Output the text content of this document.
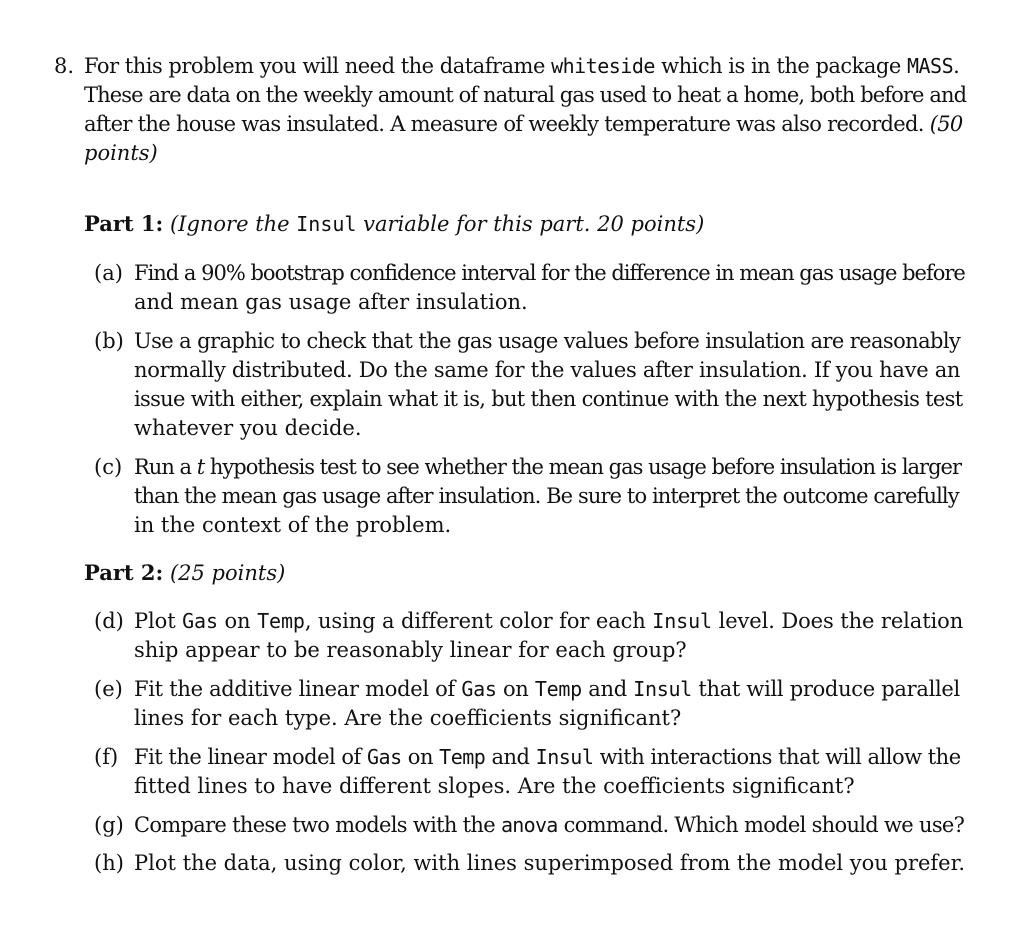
8. For this problem you will need the dataframe whiteside which is in the package MASS.
These are data on the weekly amount of natural gas used to heat a home, both before and
after the house was insulated. A measure of weekly temperature was also recorded. (50
points)
Part 1: (Ignore the Insul variable for this part. 20 points)
(a) Find a 90% bootstrap confidence interval for the difference in mean gas usage before
and mean gas usage after insulation.
(b) Use a graphic to check that the gas usage values before insulation are reasonably
normally distributed. Do the same for the values after insulation. If you have an
issue with either, explain what it is, but then continue with the next hypothesis test
whatever you decide.
(c) Run a t hypothesis test to see whether the mean gas usage before insulation is larger
than the mean gas usage after insulation. Be sure to interpret the outcome carefully
in the context of the problem.
Part 2: (25 points)
(d) Plot Gas on Temp, using a different color for each Insul level. Does the relation
ship appear to be reasonably linear for each group?
(e) Fit the additive linear model of Gas on Temp and Insul that will produce parallel
lines for each type. Are the coefficients significant?
(f) Fit the linear model of Gas on Temp and Insul with interactions that will allow the
fitted lines to have different slopes. Are the coefficients significant?
(g) Compare these two models with the anova command. Which model should we use?
(h) Plot the data, using color, with lines superimposed from the model you prefer.
